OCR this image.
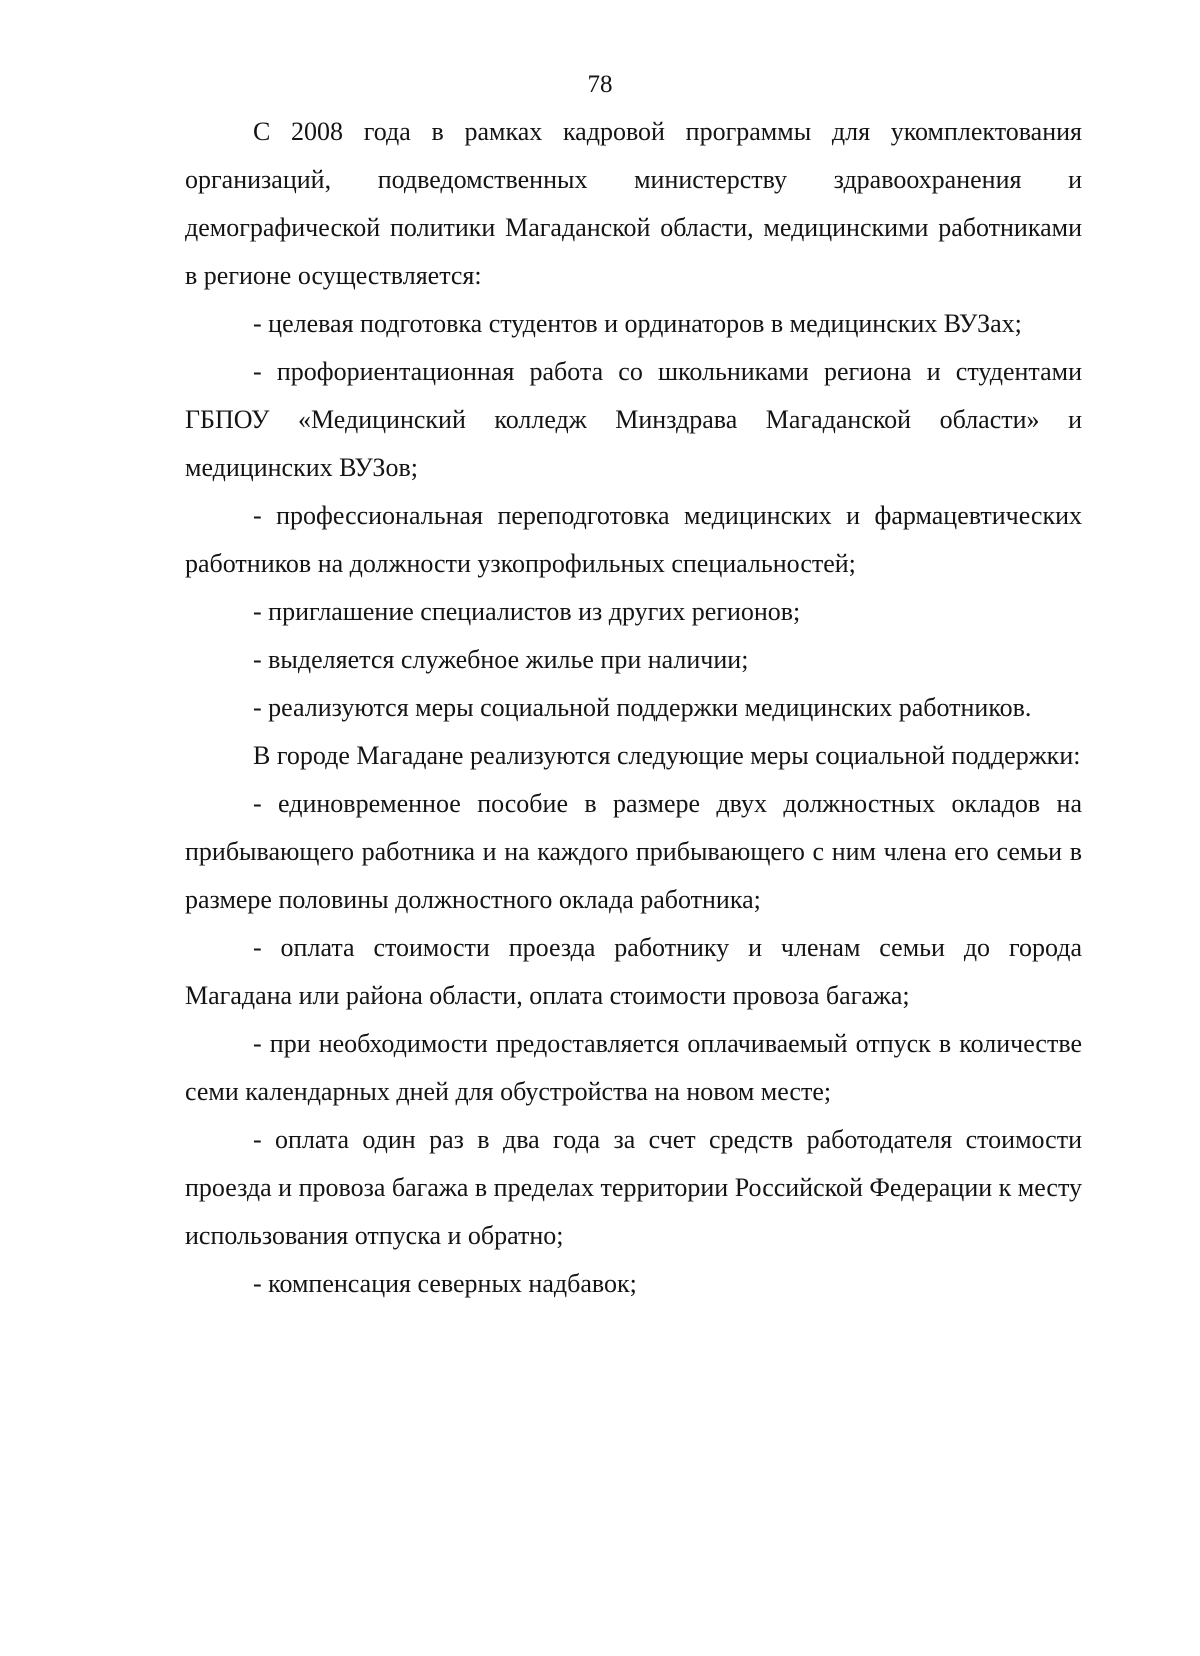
78

С 2008 года в рамках кадровой программы для укомплектования организаций, подведомственных министерству здравоохранения и демографической политики Магаданской области, медицинскими работниками в регионе осуществляется:

- целевая подготовка студентов и ординаторов в медицинских ВУЗах;

- профориентационная работа со школьниками региона и студентами ГБПОУ «Медицинский колледж Минздрава Магаданской области» и медицинских ВУЗов;

- профессиональная переподготовка медицинских и фармацевтических работников на должности узкопрофильных специальностей;

- приглашение специалистов из других регионов;

- выделяется служебное жилье при наличии;

- реализуются меры социальной поддержки медицинских работников.

В городе Магадане реализуются следующие меры социальной поддержки:

- единовременное пособие в размере двух должностных окладов на прибывающего работника и на каждого прибывающего с ним члена его семьи в размере половины должностного оклада работника;

- оплата стоимости проезда работнику и членам семьи до города Магадана или района области, оплата стоимости провоза багажа;

- при необходимости предоставляется оплачиваемый отпуск в количестве семи календарных дней для обустройства на новом месте;

- оплата один раз в два года за счет средств работодателя стоимости проезда и провоза багажа в пределах территории Российской Федерации к месту использования отпуска и обратно;

- компенсация северных надбавок;
